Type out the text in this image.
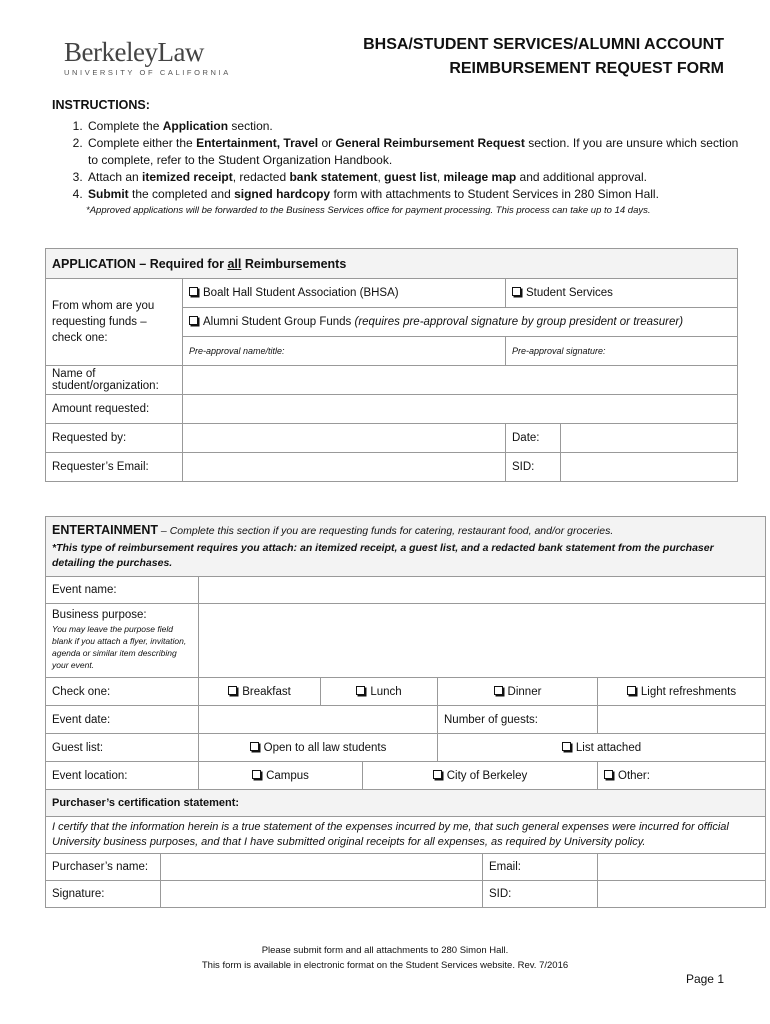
BerkeleyLaw
UNIVERSITY OF CALIFORNIA
BHSA/STUDENT SERVICES/ALUMNI ACCOUNT
REIMBURSEMENT REQUEST FORM
INSTRUCTIONS:
1. Complete the Application section.
2. Complete either the Entertainment, Travel or General Reimbursement Request section. If you are unsure which section to complete, refer to the Student Organization Handbook.
3. Attach an itemized receipt, redacted bank statement, guest list, mileage map and additional approval.
4. Submit the completed and signed hardcopy form with attachments to Student Services in 280 Simon Hall.
*Approved applications will be forwarded to the Business Services office for payment processing. This process can take up to 14 days.
APPLICATION – Required for all Reimbursements			
From whom are you requesting funds – check one:	Boalt Hall Student Association (BHSA)	Student Services	
	Alumni Student Group Funds (requires pre-approval signature by group president or treasurer)		
	Pre-approval name/title:	Pre-approval signature:	
Name of student/organization:			
Amount requested:			
Requested by:		Date:	
Requester’s Email:		SID:	
ENTERTAINMENT – Complete this section if you are requesting funds for catering, restaurant food, and/or groceries.
*This type of reimbursement requires you attach: an itemized receipt, a guest list, and a redacted bank statement from the purchaser detailing the purchases.							

Event name:							

Business purpose:
You may leave the purpose field blank if you attach a flyer, invitation, agenda or similar item describing your event.							

Check one:		Breakfast	Lunch		Dinner		Light refreshments
Event date:					Number of guests:		
Guest list:		Open to all law students			List attached		
Event location:		Campus		City of Berkeley			Other:
Purchaser’s certification statement:							
I certify that the information herein is a true statement of the expenses incurred by me, that such general expenses were incurred for official University business purposes, and that I have submitted original receipts for all expenses, as required by University policy.							
Purchaser’s name:						Email:	
Signature:						SID:	
Please submit form and all attachments to 280 Simon Hall.
This form is available in electronic format on the Student Services website. Rev. 7/2016
Page 1
